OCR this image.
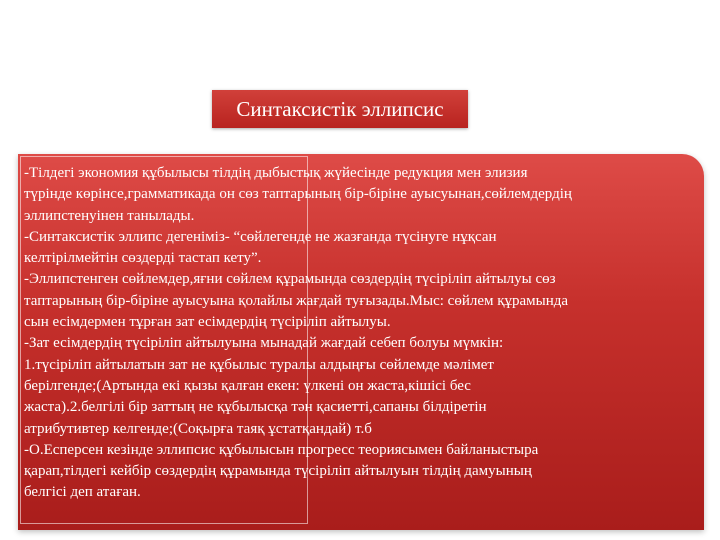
Синтаксистік эллипсис
-Тілдегі экономия құбылысы тілдің дыбыстық жүйесінде редукция мен элизия
түрінде көрінсе,грамматикада он сөз таптарының бір-біріне ауысуынан,сөйлемдердің
эллипстенуінен танылады.
-Синтаксистік эллипс дегеніміз- “сөйлегенде не жазғанда түсінуге нұқсан
келтірілмейтін сөздерді тастап кету”.
-Эллипстенген сөйлемдер,яғни сөйлем құрамында сөздердің түсіріліп айтылуы сөз
таптарының бір-біріне ауысуына қолайлы жағдай туғызады.Мыс: сөйлем құрамында
сын есімдермен тұрған зат есімдердің түсіріліп айтылуы.
-Зат есімдердің түсіріліп айтылуына мынадай жағдай себеп болуы мүмкін:
1.түсіріліп айтылатын зат не құбылыс туралы алдыңғы сөйлемде мәлімет
берілгенде;(Артында екі қызы қалған екен: үлкені он жаста,кішісі бес
жаста).2.белгілі бір заттың не құбылысқа тән қасиетті,сапаны білдіретін
атрибутивтер келгенде;(Соқырға таяқ ұстатқандай) т.б
-О.Есперсен кезінде эллипсис құбылысын прогресс теориясымен байланыстыра
қарап,тілдегі кейбір сөздердің құрамында түсіріліп айтылуын тілдің дамуының
белгісі деп атаған.
